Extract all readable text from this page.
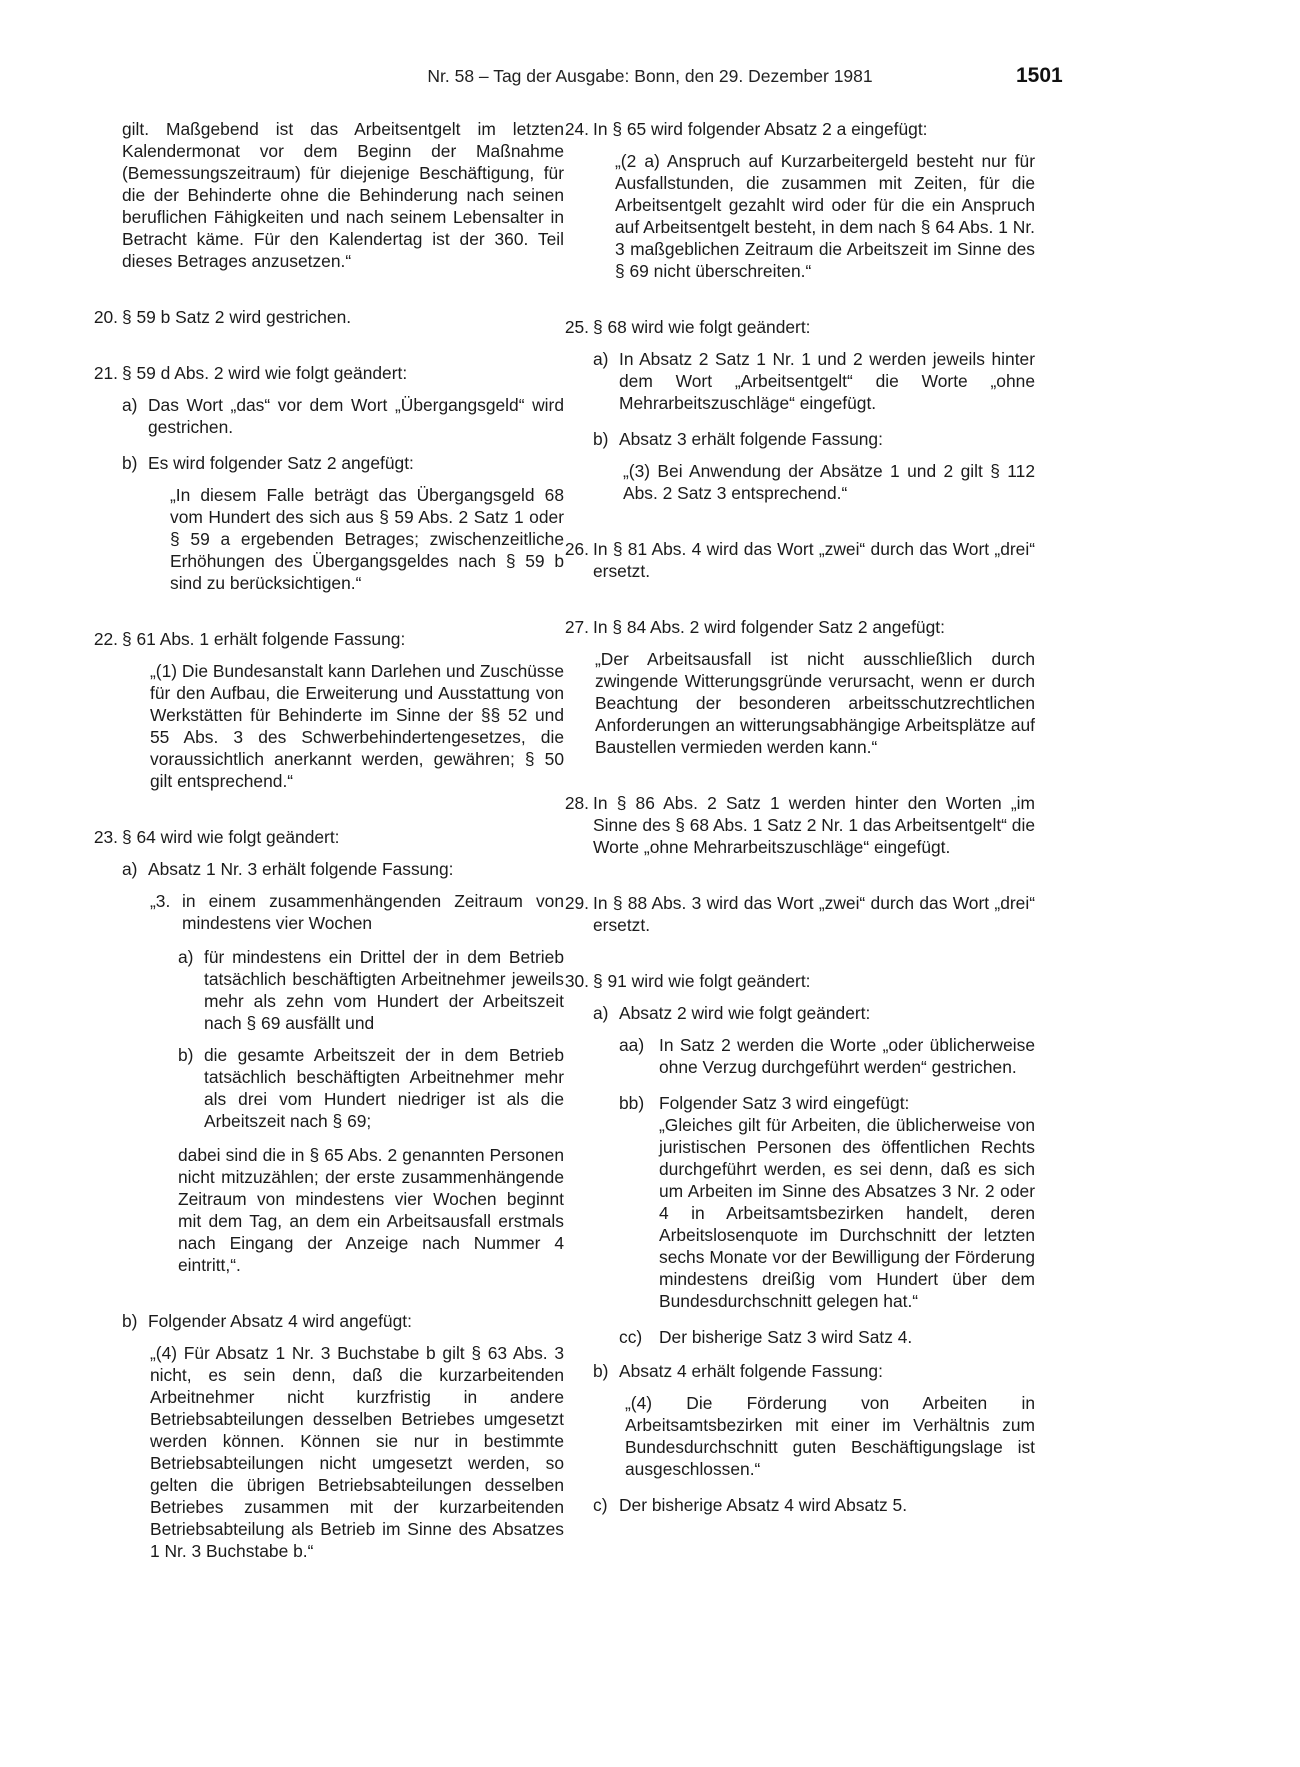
Nr. 58 – Tag der Ausgabe: Bonn, den 29. Dezember 1981	1501

gilt. Maßgebend ist das Arbeitsentgelt im letzten Kalendermonat vor dem Beginn der Maßnahme (Bemessungszeitraum) für diejenige Beschäftigung, für die der Behinderte ohne die Behinderung nach seinen beruflichen Fähigkeiten und nach seinem Lebensalter in Betracht käme. Für den Kalendertag ist der 360. Teil dieses Betrages anzusetzen.“

20. § 59 b Satz 2 wird gestrichen.

21. § 59 d Abs. 2 wird wie folgt geändert:

a) Das Wort „das“ vor dem Wort „Übergangsgeld“ wird gestrichen.

b) Es wird folgender Satz 2 angefügt:

„In diesem Falle beträgt das Übergangsgeld 68 vom Hundert des sich aus § 59 Abs. 2 Satz 1 oder § 59 a ergebenden Betrages; zwischenzeitliche Erhöhungen des Übergangsgeldes nach § 59 b sind zu berücksichtigen.“

22. § 61 Abs. 1 erhält folgende Fassung:

„(1) Die Bundesanstalt kann Darlehen und Zuschüsse für den Aufbau, die Erweiterung und Ausstattung von Werkstätten für Behinderte im Sinne der §§ 52 und 55 Abs. 3 des Schwerbehindertengesetzes, die voraussichtlich anerkannt werden, gewähren; § 50 gilt entsprechend.“

23. § 64 wird wie folgt geändert:

a) Absatz 1 Nr. 3 erhält folgende Fassung:

„3. in einem zusammenhängenden Zeitraum von mindestens vier Wochen

a) für mindestens ein Drittel der in dem Betrieb tatsächlich beschäftigten Arbeitnehmer jeweils mehr als zehn vom Hundert der Arbeitszeit nach § 69 ausfällt und

b) die gesamte Arbeitszeit der in dem Betrieb tatsächlich beschäftigten Arbeitnehmer mehr als drei vom Hundert niedriger ist als die Arbeitszeit nach § 69;

dabei sind die in § 65 Abs. 2 genannten Personen nicht mitzuzählen; der erste zusammenhängende Zeitraum von mindestens vier Wochen beginnt mit dem Tag, an dem ein Arbeitsausfall erstmals nach Eingang der Anzeige nach Nummer 4 eintritt,“.

b) Folgender Absatz 4 wird angefügt:

„(4) Für Absatz 1 Nr. 3 Buchstabe b gilt § 63 Abs. 3 nicht, es sein denn, daß die kurzarbeitenden Arbeitnehmer nicht kurzfristig in andere Betriebsabteilungen desselben Betriebes umgesetzt werden können. Können sie nur in bestimmte Betriebsabteilungen nicht umgesetzt werden, so gelten die übrigen Betriebsabteilungen desselben Betriebes zusammen mit der kurzarbeitenden Betriebsabteilung als Betrieb im Sinne des Absatzes 1 Nr. 3 Buchstabe b.“

24. In § 65 wird folgender Absatz 2 a eingefügt:

„(2 a) Anspruch auf Kurzarbeitergeld besteht nur für Ausfallstunden, die zusammen mit Zeiten, für die Arbeitsentgelt gezahlt wird oder für die ein Anspruch auf Arbeitsentgelt besteht, in dem nach § 64 Abs. 1 Nr. 3 maßgeblichen Zeitraum die Arbeitszeit im Sinne des § 69 nicht überschreiten.“

25. § 68 wird wie folgt geändert:

a) In Absatz 2 Satz 1 Nr. 1 und 2 werden jeweils hinter dem Wort „Arbeitsentgelt“ die Worte „ohne Mehrarbeitszuschläge“ eingefügt.

b) Absatz 3 erhält folgende Fassung:

„(3) Bei Anwendung der Absätze 1 und 2 gilt § 112 Abs. 2 Satz 3 entsprechend.“

26. In § 81 Abs. 4 wird das Wort „zwei“ durch das Wort „drei“ ersetzt.

27. In § 84 Abs. 2 wird folgender Satz 2 angefügt:

„Der Arbeitsausfall ist nicht ausschließlich durch zwingende Witterungsgründe verursacht, wenn er durch Beachtung der besonderen arbeitsschutzrechtlichen Anforderungen an witterungsabhängige Arbeitsplätze auf Baustellen vermieden werden kann.“

28. In § 86 Abs. 2 Satz 1 werden hinter den Worten „im Sinne des § 68 Abs. 1 Satz 2 Nr. 1 das Arbeitsentgelt“ die Worte „ohne Mehrarbeitszuschläge“ eingefügt.

29. In § 88 Abs. 3 wird das Wort „zwei“ durch das Wort „drei“ ersetzt.

30. § 91 wird wie folgt geändert:

a) Absatz 2 wird wie folgt geändert:

aa) In Satz 2 werden die Worte „oder üblicherweise ohne Verzug durchgeführt werden“ gestrichen.

bb) Folgender Satz 3 wird eingefügt:

„Gleiches gilt für Arbeiten, die üblicherweise von juristischen Personen des öffentlichen Rechts durchgeführt werden, es sei denn, daß es sich um Arbeiten im Sinne des Absatzes 3 Nr. 2 oder 4 in Arbeitsamtsbezirken handelt, deren Arbeitslosenquote im Durchschnitt der letzten sechs Monate vor der Bewilligung der Förderung mindestens dreißig vom Hundert über dem Bundesdurchschnitt gelegen hat.“

cc) Der bisherige Satz 3 wird Satz 4.

b) Absatz 4 erhält folgende Fassung:

„(4) Die Förderung von Arbeiten in Arbeitsamtsbezirken mit einer im Verhältnis zum Bundesdurchschnitt guten Beschäftigungslage ist ausgeschlossen.“

c) Der bisherige Absatz 4 wird Absatz 5.
